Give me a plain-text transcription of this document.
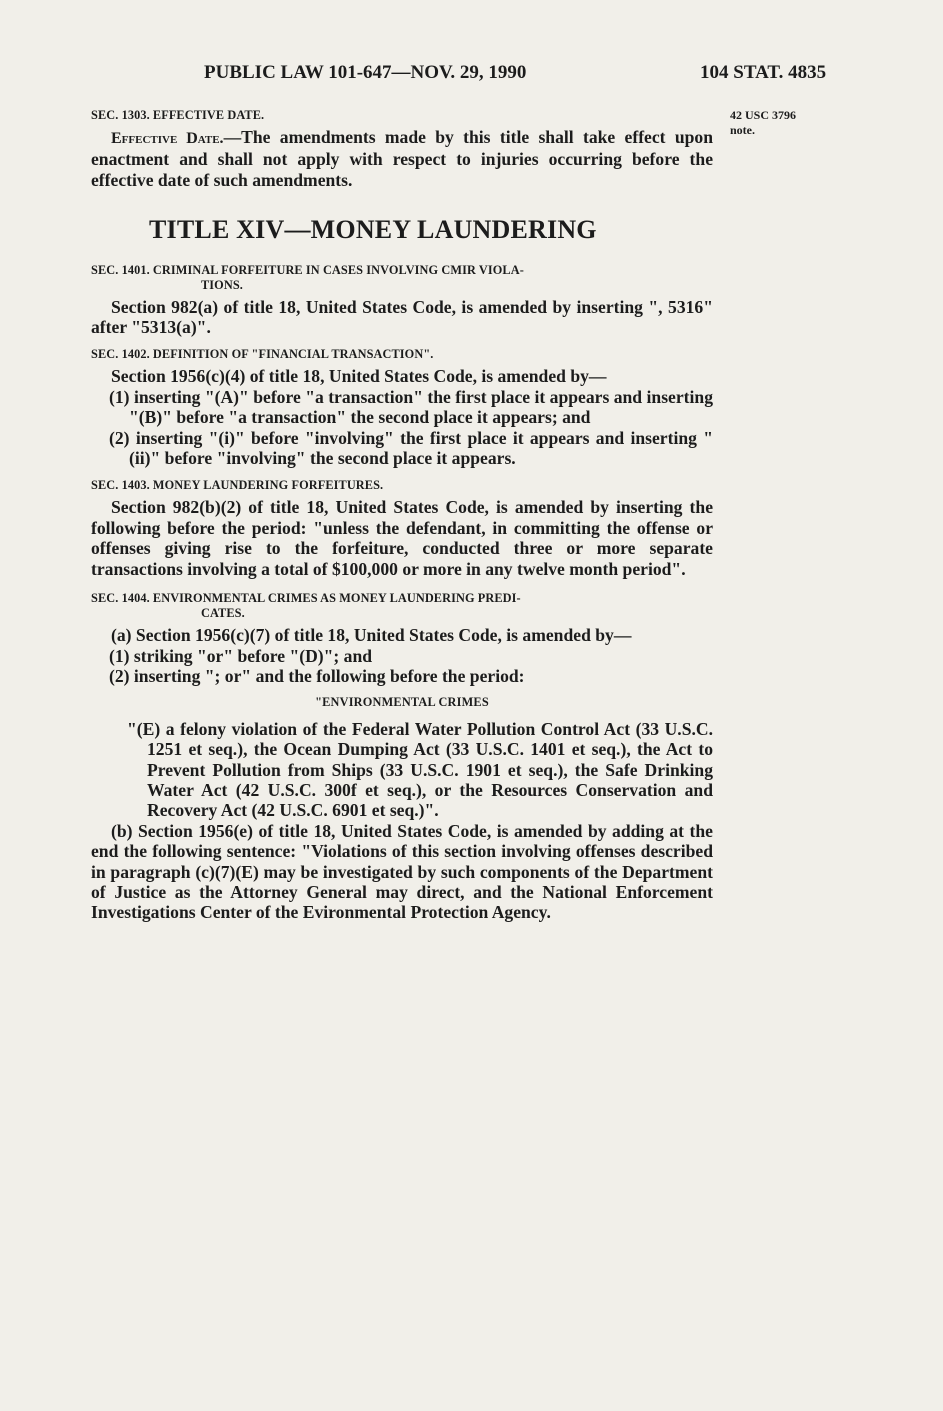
PUBLIC LAW 101-647—NOV. 29, 1990	104 STAT. 4835
42 USC 3796
note.
SEC. 1303. EFFECTIVE DATE.

Effective Date.—The amendments made by this title shall take effect upon enactment and shall not apply with respect to injuries occurring before the effective date of such amendments.

TITLE XIV—MONEY LAUNDERING
SEC. 1401. CRIMINAL FORFEITURE IN CASES INVOLVING CMIR VIOLA-
TIONS.

Section 982(a) of title 18, United States Code, is amended by inserting ", 5316" after "5313(a)".

SEC. 1402. DEFINITION OF "FINANCIAL TRANSACTION".

Section 1956(c)(4) of title 18, United States Code, is amended by—

(1) inserting "(A)" before "a transaction" the first place it appears and inserting "(B)" before "a transaction" the second place it appears; and

(2) inserting "(i)" before "involving" the first place it appears and inserting "(ii)" before "involving" the second place it appears.

SEC. 1403. MONEY LAUNDERING FORFEITURES.

Section 982(b)(2) of title 18, United States Code, is amended by inserting the following before the period: "unless the defendant, in committing the offense or offenses giving rise to the forfeiture, conducted three or more separate transactions involving a total of $100,000 or more in any twelve month period".

SEC. 1404. ENVIRONMENTAL CRIMES AS MONEY LAUNDERING PREDI-
CATES.

(a) Section 1956(c)(7) of title 18, United States Code, is amended by—

(1) striking "or" before "(D)"; and

(2) inserting "; or" and the following before the period:

"ENVIRONMENTAL CRIMES

"(E) a felony violation of the Federal Water Pollution Control Act (33 U.S.C. 1251 et seq.), the Ocean Dumping Act (33 U.S.C. 1401 et seq.), the Act to Prevent Pollution from Ships (33 U.S.C. 1901 et seq.), the Safe Drinking Water Act (42 U.S.C. 300f et seq.), or the Resources Conservation and Recovery Act (42 U.S.C. 6901 et seq.)".

(b) Section 1956(e) of title 18, United States Code, is amended by adding at the end the following sentence: "Violations of this section involving offenses described in paragraph (c)(7)(E) may be investigated by such components of the Department of Justice as the Attorney General may direct, and the National Enforcement Investigations Center of the Evironmental Protection Agency.
